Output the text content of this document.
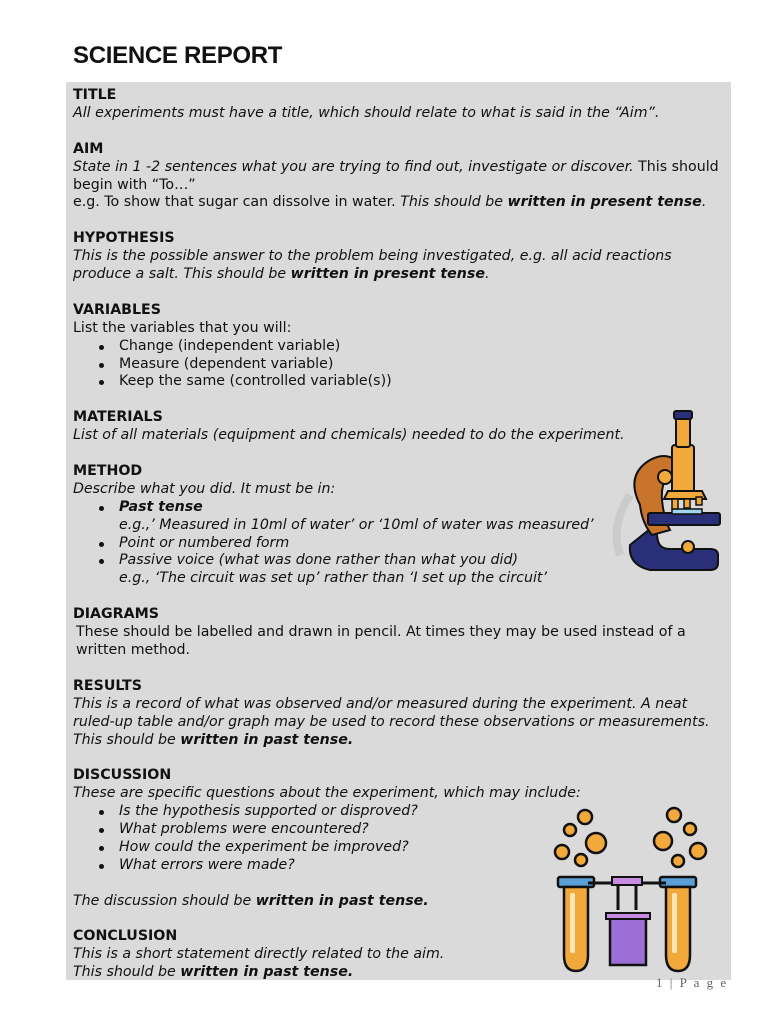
SCIENCE REPORT
TITLE
All experiments must have a title, which should relate to what is said in the “Aim”.
AIM
State in 1 -2 sentences what you are trying to find out, investigate or discover. This should begin with “To…”
e.g. To show that sugar can dissolve in water. This should be written in present tense.
HYPOTHESIS
This is the possible answer to the problem being investigated, e.g. all acid reactions produce a salt. This should be written in present tense.
VARIABLES
List the variables that you will:
Change (independent variable)
Measure (dependent variable)
Keep the same (controlled variable(s))
MATERIALS
List of all materials (equipment and chemicals) needed to do the experiment.
METHOD
Describe what you did. It must be in:
Past tense
e.g.,’ Measured in 10ml of water’ or ‘10ml of water was measured’
Point or numbered form
Passive voice (what was done rather than what you did)
e.g., ‘The circuit was set up’ rather than ‘I set up the circuit’
DIAGRAMS
These should be labelled and drawn in pencil. At times they may be used instead of a written method.
RESULTS
This is a record of what was observed and/or measured during the experiment. A neat ruled-up table and/or graph may be used to record these observations or measurements. This should be written in past tense.
DISCUSSION
These are specific questions about the experiment, which may include:
Is the hypothesis supported or disproved?
What problems were encountered?
How could the experiment be improved?
What errors were made?
The discussion should be written in past tense.
CONCLUSION
This is a short statement directly related to the aim.
This should be written in past tense.
1 | P a g e
